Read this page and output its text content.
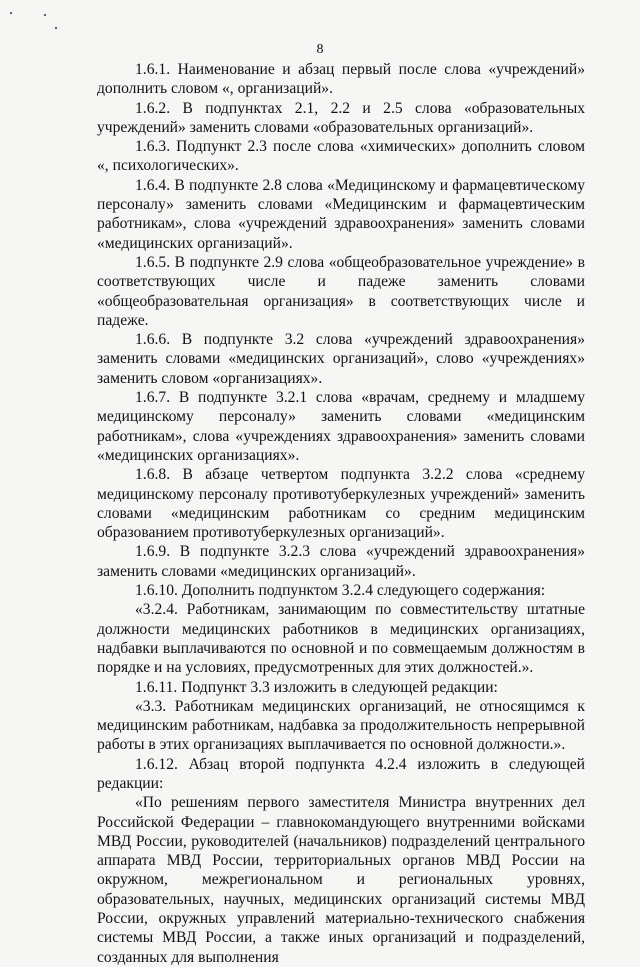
8

1.6.1. Наименование и абзац первый после слова «учреждений» дополнить словом «, организаций».

1.6.2. В подпунктах 2.1, 2.2 и 2.5 слова «образовательных учреждений» заменить словами «образовательных организаций».

1.6.3. Подпункт 2.3 после слова «химических» дополнить словом «, психологических».

1.6.4. В подпункте 2.8 слова «Медицинскому и фармацевтическому персоналу» заменить словами «Медицинским и фармацевтическим работникам», слова «учреждений здравоохранения» заменить словами «медицинских организаций».

1.6.5. В подпункте 2.9 слова «общеобразовательное учреждение» в соответствующих числе и падеже заменить словами «общеобразовательная организация» в соответствующих числе и падеже.

1.6.6. В подпункте 3.2 слова «учреждений здравоохранения» заменить словами «медицинских организаций», слово «учреждениях» заменить словом «организациях».

1.6.7. В подпункте 3.2.1 слова «врачам, среднему и младшему медицинскому персоналу» заменить словами «медицинским работникам», слова «учреждениях здравоохранения» заменить словами «медицинских организациях».

1.6.8. В абзаце четвертом подпункта 3.2.2 слова «среднему медицинскому персоналу противотуберкулезных учреждений» заменить словами «медицинским работникам со средним медицинским образованием противотуберкулезных организаций».

1.6.9. В подпункте 3.2.3 слова «учреждений здравоохранения» заменить словами «медицинских организаций».

1.6.10. Дополнить подпунктом 3.2.4 следующего содержания:

«3.2.4. Работникам, занимающим по совместительству штатные должности медицинских работников в медицинских организациях, надбавки выплачиваются по основной и по совмещаемым должностям в порядке и на условиях, предусмотренных для этих должностей.».

1.6.11. Подпункт 3.3 изложить в следующей редакции:

«3.3. Работникам медицинских организаций, не относящимся к медицинским работникам, надбавка за продолжительность непрерывной работы в этих организациях выплачивается по основной должности.».

1.6.12. Абзац второй подпункта 4.2.4 изложить в следующей редакции:

«По решениям первого заместителя Министра внутренних дел Российской Федерации – главнокомандующего внутренними войсками МВД России, руководителей (начальников) подразделений центрального аппарата МВД России, территориальных органов МВД России на окружном, межрегиональном и региональных уровнях, образовательных, научных, медицинских организаций системы МВД России, окружных управлений материально-технического снабжения системы МВД России, а также иных организаций и подразделений, созданных для выполнения
